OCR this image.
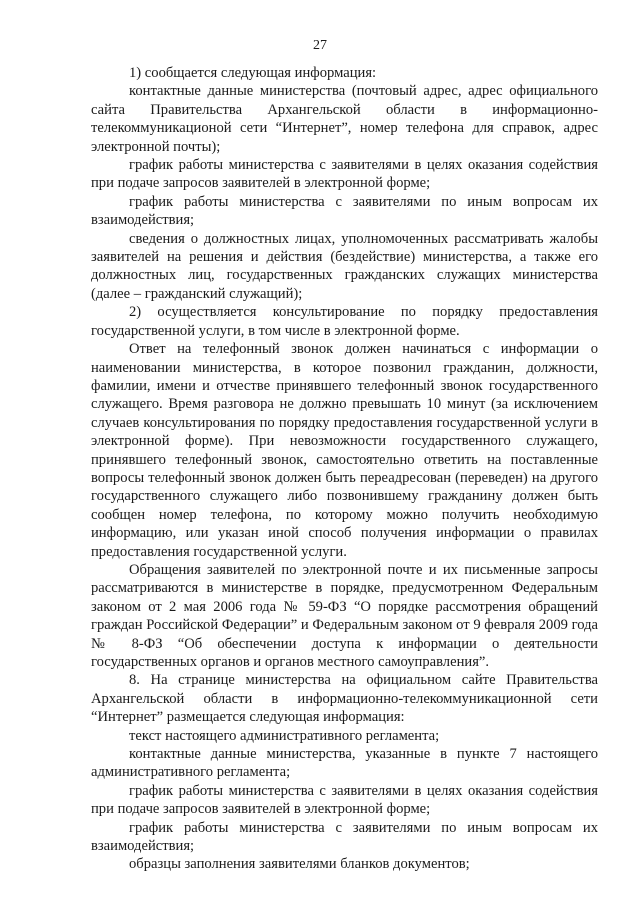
27

1) сообщается следующая информация:

контактные данные министерства (почтовый адрес, адрес официального сайта Правительства Архангельской области в информационно-телекоммуникационой сети “Интернет”, номер телефона для справок, адрес электронной почты);

график работы министерства с заявителями в целях оказания содействия при подаче запросов заявителей в электронной форме;

график работы министерства с заявителями по иным вопросам их взаимодействия;

сведения о должностных лицах, уполномоченных рассматривать жалобы заявителей на решения и действия (бездействие) министерства, а также его должностных лиц, государственных гражданских служащих министерства (далее – гражданский служащий);

2) осуществляется консультирование по порядку предоставления государственной услуги, в том числе в электронной форме.

Ответ на телефонный звонок должен начинаться с информации о наименовании министерства, в которое позвонил гражданин, должности, фамилии, имени и отчестве принявшего телефонный звонок государственного служащего. Время разговора не должно превышать 10 минут (за исключением случаев консультирования по порядку предоставления государственной услуги в электронной форме). При невозможности государственного служащего, принявшего телефонный звонок, самостоятельно ответить на поставленные вопросы телефонный звонок должен быть переадресован (переведен) на другого государственного служащего либо позвонившему гражданину должен быть сообщен номер телефона, по которому можно получить необходимую информацию, или указан иной способ получения информации о правилах предоставления государственной услуги.

Обращения заявителей по электронной почте и их письменные запросы рассматриваются в министерстве в порядке, предусмотренном Федеральным законом от 2 мая 2006 года № 59-ФЗ “О порядке рассмотрения обращений граждан Российской Федерации” и Федеральным законом от 9 февраля 2009 года № 8-ФЗ “Об обеспечении доступа к информации о деятельности государственных органов и органов местного самоуправления”.

8. На странице министерства на официальном сайте Правительства Архангельской области в информационно-телекоммуникационной сети “Интернет” размещается следующая информация:

текст настоящего административного регламента;

контактные данные министерства, указанные в пункте 7 настоящего административного регламента;

график работы министерства с заявителями в целях оказания содействия при подаче запросов заявителей в электронной форме;

график работы министерства с заявителями по иным вопросам их взаимодействия;

образцы заполнения заявителями бланков документов;
